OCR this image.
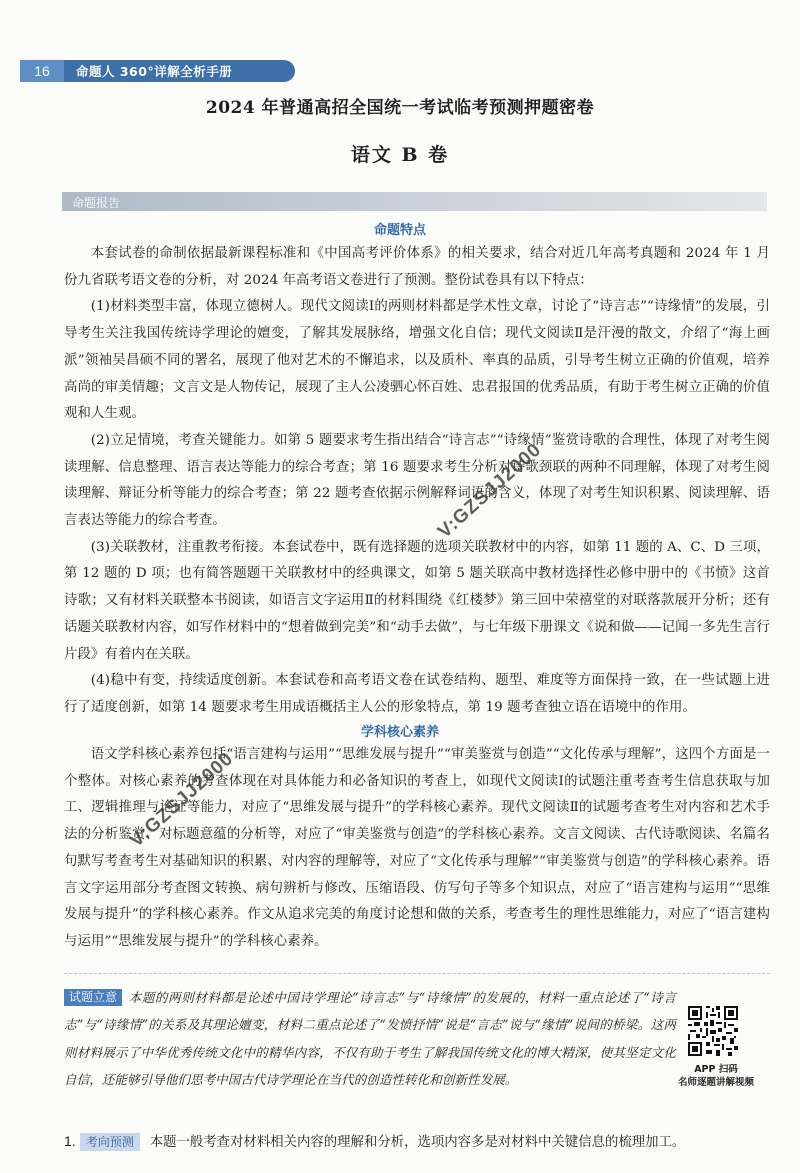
16	命题人 360°详解全析手册
2024 年普通高招全国统一考试临考预测押题密卷
语文 B 卷
命题报告
命题特点

本套试卷的命制依据最新课程标准和《中国高考评价体系》的相关要求，结合对近几年高考真题和 2024 年 1 月份九省联考语文卷的分析，对 2024 年高考语文卷进行了预测。整份试卷具有以下特点：

(1)材料类型丰富，体现立德树人。现代文阅读Ⅰ的两则材料都是学术性文章，讨论了“诗言志”“诗缘情”的发展，引导考生关注我国传统诗学理论的嬗变，了解其发展脉络，增强文化自信；现代文阅读Ⅱ是汗漫的散文，介绍了“海上画派”领袖吴昌硕不同的署名，展现了他对艺术的不懈追求，以及质朴、率真的品质，引导考生树立正确的价值观，培养高尚的审美情趣；文言文是人物传记，展现了主人公凌驷心怀百姓、忠君报国的优秀品质，有助于考生树立正确的价值观和人生观。

(2)立足情境，考查关键能力。如第 5 题要求考生指出结合“诗言志”“诗缘情”鉴赏诗歌的合理性，体现了对考生阅读理解、信息整理、语言表达等能力的综合考查；第 16 题要求考生分析对诗歌颈联的两种不同理解，体现了对考生阅读理解、辩证分析等能力的综合考查；第 22 题考查依据示例解释词语的含义，体现了对考生知识积累、阅读理解、语言表达等能力的综合考查。

(3)关联教材，注重教考衔接。本套试卷中，既有选择题的选项关联教材中的内容，如第 11 题的 A、C、D 三项，第 12 题的 D 项；也有简答题题干关联教材中的经典课文，如第 5 题关联高中教材选择性必修中册中的《书愤》这首诗歌；又有材料关联整本书阅读，如语言文字运用Ⅱ的材料围绕《红楼梦》第三回中荣禧堂的对联落款展开分析；还有话题关联教材内容，如写作材料中的“想着做到完美”和“动手去做”，与七年级下册课文《说和做——记闻一多先生言行片段》有着内在关联。

(4)稳中有变，持续适度创新。本套试卷和高考语文卷在试卷结构、题型、难度等方面保持一致，在一些试题上进行了适度创新，如第 14 题要求考生用成语概括主人公的形象特点，第 19 题考查独立语在语境中的作用。

学科核心素养

语文学科核心素养包括“语言建构与运用”“思维发展与提升”“审美鉴赏与创造”“文化传承与理解”，这四个方面是一个整体。对核心素养的考查体现在对具体能力和必备知识的考查上，如现代文阅读Ⅰ的试题注重考查考生信息获取与加工、逻辑推理与论证等能力，对应了“思维发展与提升”的学科核心素养。现代文阅读Ⅱ的试题考查考生对内容和艺术手法的分析鉴赏、对标题意蕴的分析等，对应了“审美鉴赏与创造”的学科核心素养。文言文阅读、古代诗歌阅读、名篇名句默写考查考生对基础知识的积累、对内容的理解等，对应了“文化传承与理解”“审美鉴赏与创造”的学科核心素养。语言文字运用部分考查图文转换、病句辨析与修改、压缩语段、仿写句子等多个知识点，对应了“语言建构与运用”“思维发展与提升”的学科核心素养。作文从追求完美的角度讨论想和做的关系，考查考生的理性思维能力，对应了“语言建构与运用”“思维发展与提升”的学科核心素养。

试题立意 本题的两则材料都是论述中国诗学理论“诗言志”与“诗缘情”的发展的，材料一重点论述了“诗言志”与“诗缘情”的关系及其理论嬗变，材料二重点论述了“发愤抒情”说是“言志”说与“缘情”说间的桥梁。这两则材料展示了中华优秀传统文化中的精华内容，不仅有助于考生了解我国传统文化的博大精深，使其坚定文化自信，还能够引导他们思考中国古代诗学理论在当代的创造性转化和创新性发展。
APP 扫码
名师逐题讲解视频
1. 考向预测 本题一般考查对材料相关内容的理解和分析，选项内容多是对材料中关键信息的梳理加工。
V:GZSJJ2000
V:GZSJJ2000
